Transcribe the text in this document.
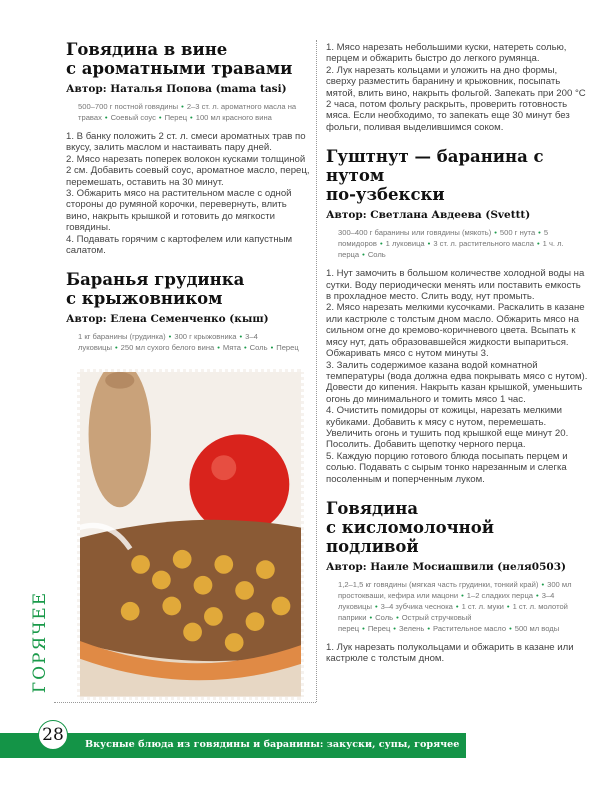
Говядина в вине
с ароматными травами
Автор: Наталья Попова (mama tasi)
500–700 г постной говядины • 2–3 ст. л. ароматного масла на травах • Соевый соус • Перец • 100 мл красного вина
1. В банку положить 2 ст. л. смеси ароматных трав по вкусу, залить маслом и настаивать пару дней.
2. Мясо нарезать поперек волокон кусками толщиной 2 см. Добавить соевый соус, ароматное масло, перец, перемешать, оставить на 30 минут.
3. Обжарить мясо на растительном масле с одной стороны до румяной корочки, перевернуть, влить вино, накрыть крышкой и готовить до мягкости говядины.
4. Подавать горячим с картофелем или капустным салатом.
Баранья грудинка
с крыжовником
Автор: Елена Семенченко (кыш)
1 кг баранины (грудинка) • 300 г крыжовника • 3–4 луковицы • 250 мл сухого белого вина • Мята • Соль • Перец
1. Мясо нарезать небольшими куски, натереть солью, перцем и обжарить быстро до легкого румянца.
2. Лук нарезать кольцами и уложить на дно формы, сверху разместить баранину и крыжовник, посыпать мятой, влить вино, накрыть фольгой. Запекать при 200 °С 2 часа, потом фольгу раскрыть, проверить готовность мяса. Если необходимо, то запекать еще 30 минут без фольги, поливая выделившимся соком.
Гуштнут — баранина с нутом
по-узбекски
Автор: Светлана Авдеева (Svettt)
300–400 г баранины или говядины (мякоть) • 500 г нута • 5 помидоров • 1 луковица • 3 ст. л. растительного масла • 1 ч. л. перца • Соль
1. Нут замочить в большом количестве холодной воды на сутки. Воду периодически менять или поставить емкость в прохладное место. Слить воду, нут промыть.
2. Мясо нарезать мелкими кусочками. Раскалить в казане или кастрюле с толстым дном масло. Обжарить мясо на сильном огне до кремово-коричневого цвета. Всыпать к мясу нут, дать образовавшейся жидкости выпариться. Обжаривать мясо с нутом минуты 3.
3. Залить содержимое казана водой комнатной температуры (вода должна едва покрывать мясо с нутом). Довести до кипения. Накрыть казан крышкой, уменьшить огонь до минимального и томить мясо 1 час.
4. Очистить помидоры от кожицы, нарезать мелкими кубиками. Добавить к мясу с нутом, перемешать. Увеличить огонь и тушить под крышкой еще минут 20. Посолить. Добавить щепотку черного перца.
5. Каждую порцию готового блюда посыпать перцем и солью. Подавать с сырым тонко нарезанным и слегка посоленным и поперченным луком.
Говядина
с кисломолочной подливой
Автор: Наиле Мосиашвили (неля0503)
1,2–1,5 кг говядины (мягкая часть грудинки, тонкий край) • 300 мл простокваши, кефира или мацони • 1–2 сладких перца • 3–4 луковицы • 3–4 зубчика чеснока • 1 ст. л. муки • 1 ст. л. молотой паприки • Соль • Острый стручковый перец • Перец • Зелень • Растительное масло • 500 мл воды
1. Лук нарезать полукольцами и обжарить в казане или кастрюле с толстым дном.
ГОРЯЧЕЕ
Вкусные блюда из говядины и баранины: закуски, супы, горячее
28
